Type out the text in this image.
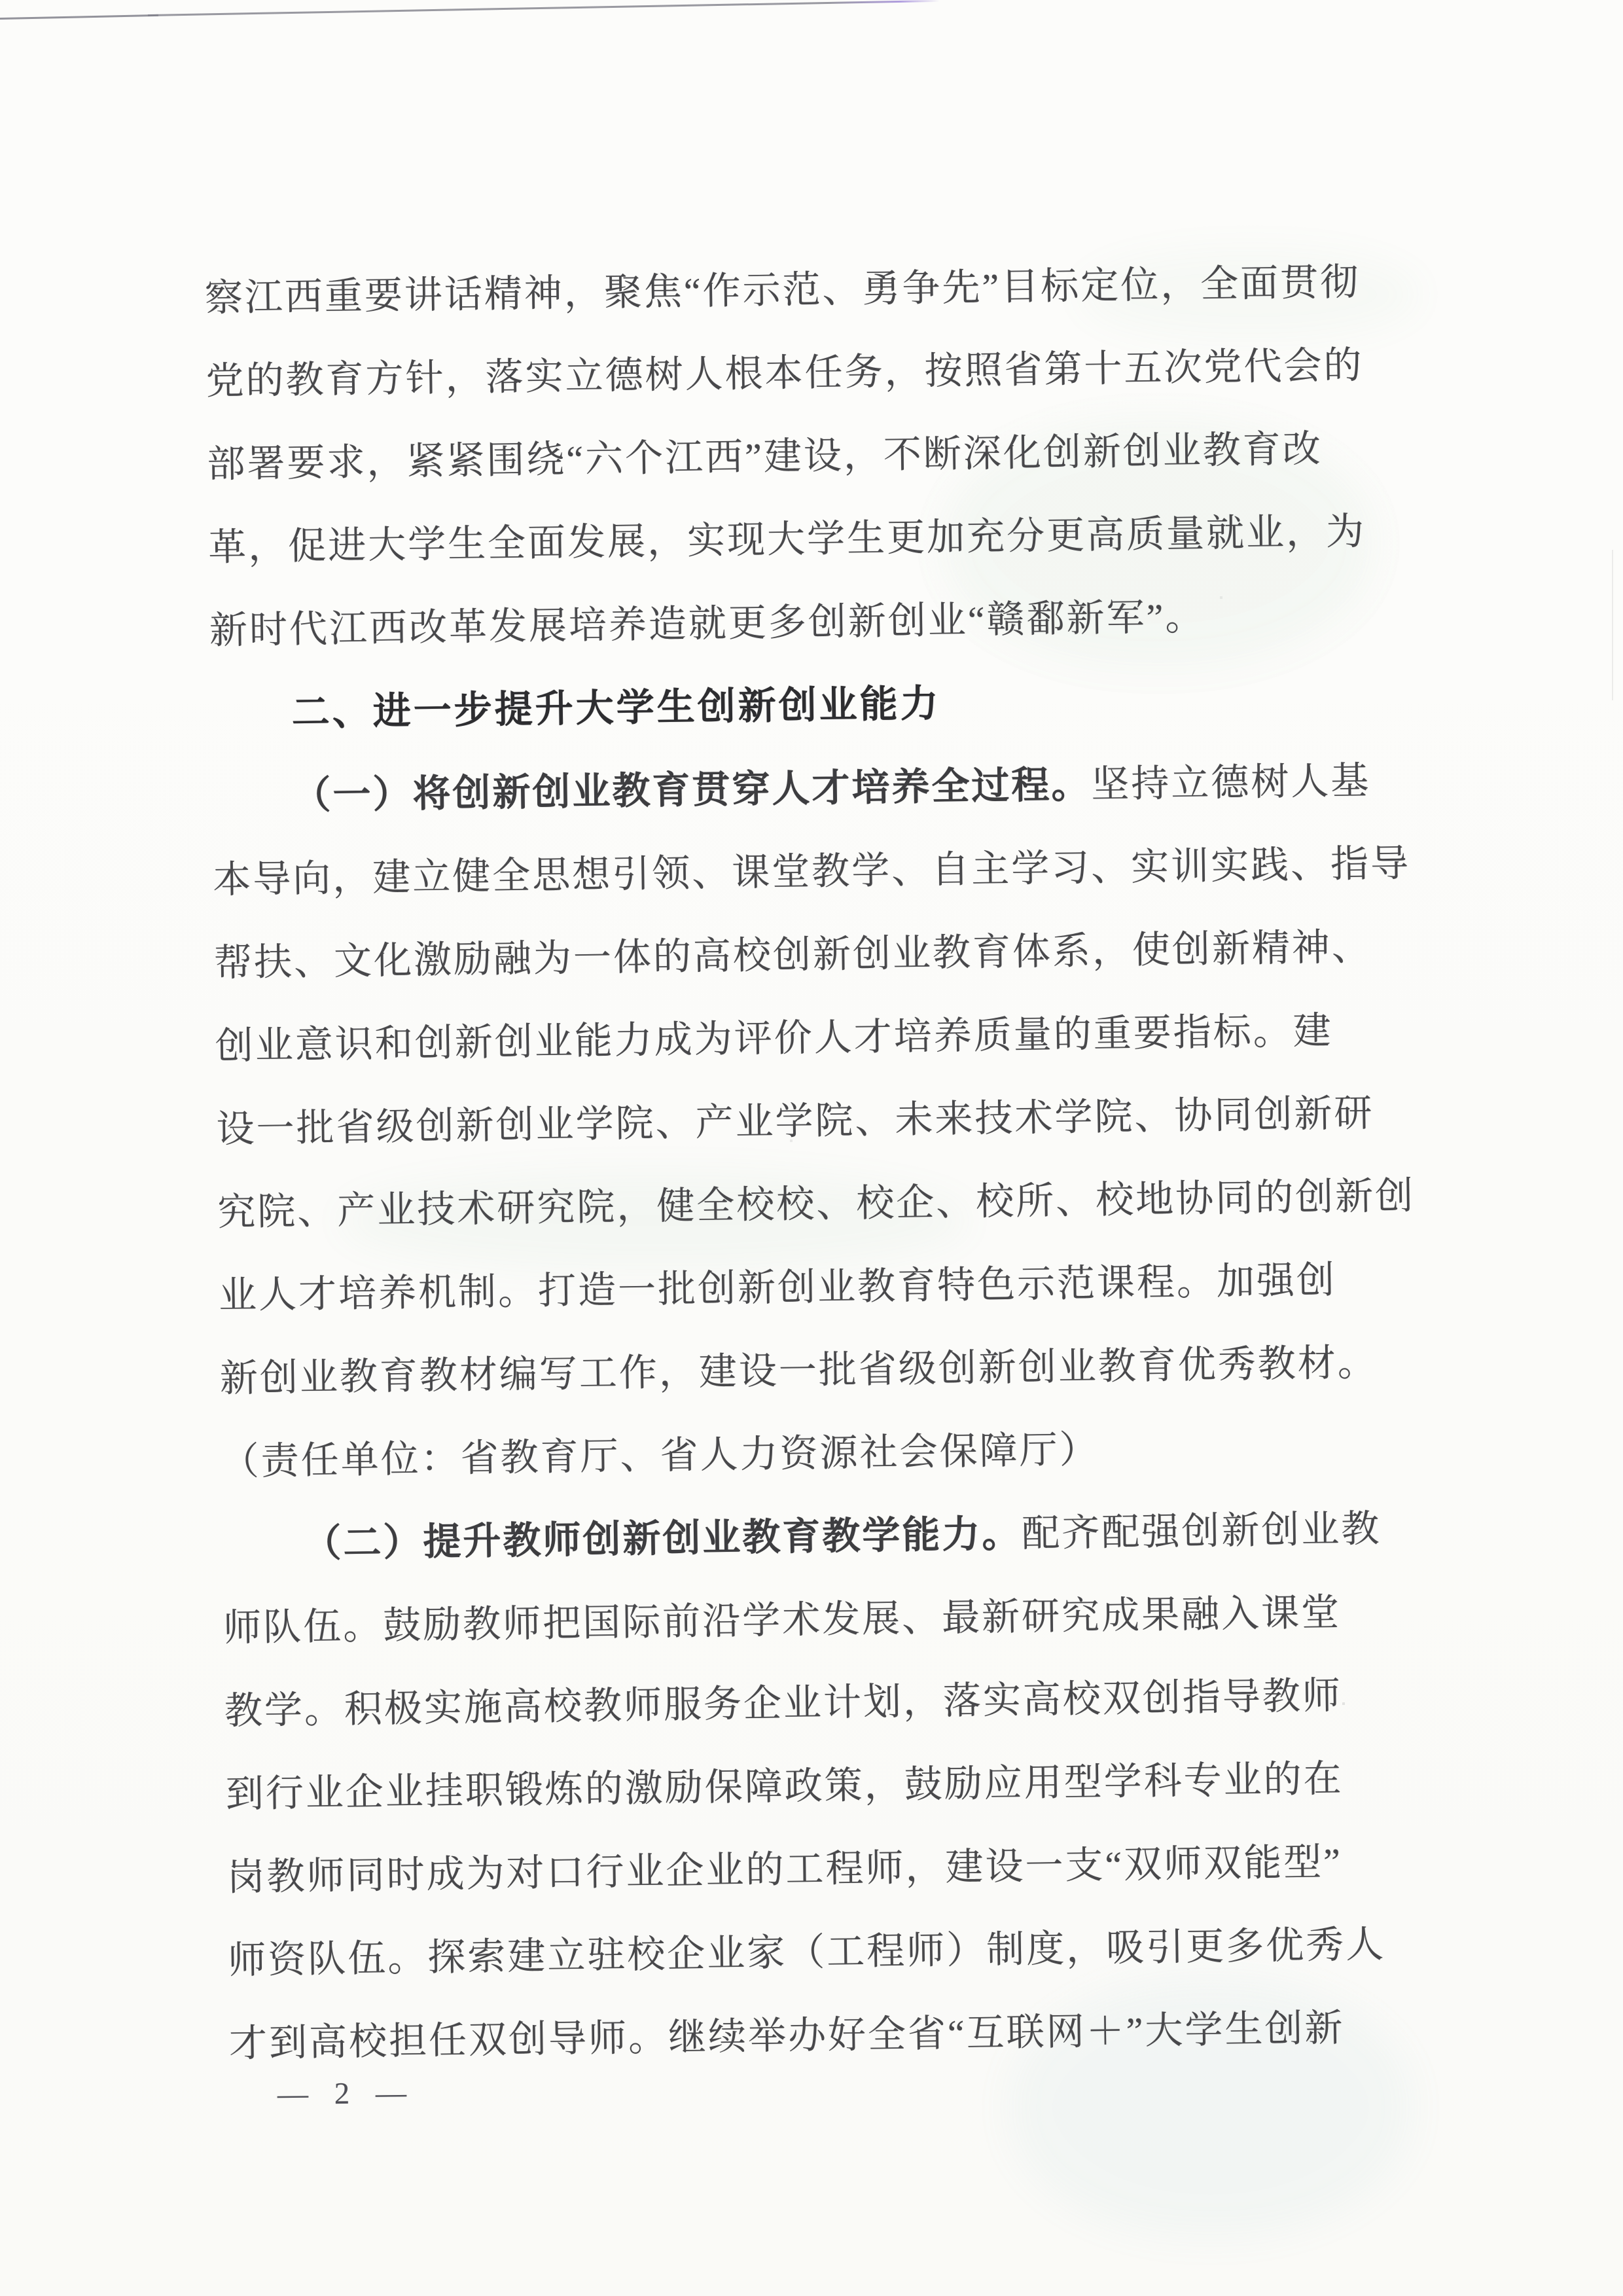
察江西重要讲话精神，聚焦“作示范、勇争先”目标定位，全面贯彻
党的教育方针，落实立德树人根本任务，按照省第十五次党代会的
部署要求，紧紧围绕“六个江西”建设，不断深化创新创业教育改
革，促进大学生全面发展，实现大学生更加充分更高质量就业，为
新时代江西改革发展培养造就更多创新创业“赣鄱新军”。
二、进一步提升大学生创新创业能力
（一）将创新创业教育贯穿人才培养全过程。坚持立德树人基
本导向，建立健全思想引领、课堂教学、自主学习、实训实践、指导
帮扶、文化激励融为一体的高校创新创业教育体系，使创新精神、
创业意识和创新创业能力成为评价人才培养质量的重要指标。建
设一批省级创新创业学院、产业学院、未来技术学院、协同创新研
究院、产业技术研究院，健全校校、校企、校所、校地协同的创新创
业人才培养机制。打造一批创新创业教育特色示范课程。加强创
新创业教育教材编写工作，建设一批省级创新创业教育优秀教材。
（责任单位：省教育厅、省人力资源社会保障厅）
（二）提升教师创新创业教育教学能力。配齐配强创新创业教
师队伍。鼓励教师把国际前沿学术发展、最新研究成果融入课堂
教学。积极实施高校教师服务企业计划，落实高校双创指导教师
到行业企业挂职锻炼的激励保障政策，鼓励应用型学科专业的在
岗教师同时成为对口行业企业的工程师，建设一支“双师双能型”
师资队伍。探索建立驻校企业家（工程师）制度，吸引更多优秀人
才到高校担任双创导师。继续举办好全省“互联网＋”大学生创新
— 2 —
